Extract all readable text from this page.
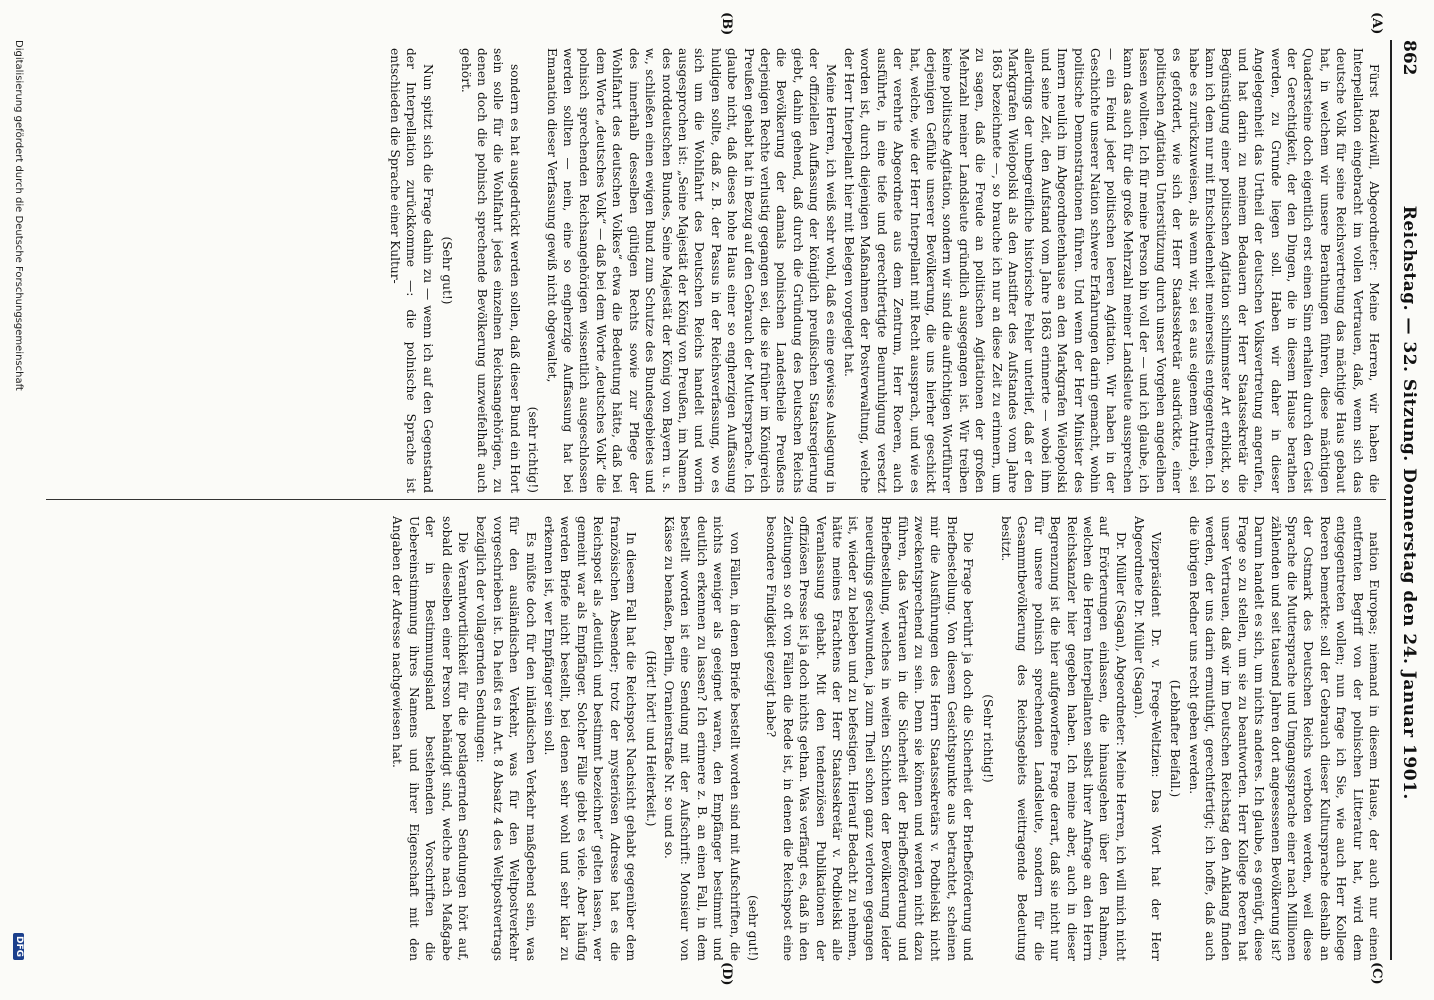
862
Reichstag. — 32. Sitzung. Donnerstag den 24. Januar 1901.
(A)
(C)
(B)
(D)

Fürst Radziwill, Abgeordneter: Meine Herren, wir haben die Interpellation eingebracht im vollen Vertrauen, daß, wenn sich das deutsche Volk für seine Reichsvertretung das mächtige Haus gebaut hat, in welchem wir unsere Berathungen führen, diese mächtigen Quadersteine doch eigentlich erst einen Sinn erhalten durch den Geist der Gerechtigkeit, der den Dingen, die in diesem Hause berathen werden, zu Grunde liegen soll. Haben wir daher in dieser Angelegenheit das Urtheil der deutschen Volksvertretung angerufen, und hat darin zu meinem Bedauern der Herr Staatssekretär die Begünstigung einer politischen Agitation schlimmster Art erblickt, so kann ich dem nur mit Entschiedenheit meinerseits entgegentreten. Ich habe es zurückzuweisen, als wenn wir, sei es aus eigenem Antrieb, sei es gefordert, wie sich der Herr Staatssekretär ausdrückte, einer politischen Agitation Unterstützung durch unser Vorgehen angedeihen lassen wollten. Ich für meine Person bin voll der — und ich glaube, ich kann das auch für die große Mehrzahl meiner Landsleute aussprechen — ein Feind jeder politischen leeren Agitation. Wir haben in der Geschichte unserer Nation schwere Erfahrungen darin gemacht, wohin politische Demonstrationen führen. Und wenn der Herr Minister des Innern neulich im Abgeordnetenhause an den Markgrafen Wielopolski und seine Zeit, den Aufstand vom Jahre 1863 erinnerte — wobei ihm allerdings der unbegreifliche historische Fehler unterlief, daß er den Markgrafen Wielopolski als den Anstifter des Aufstandes vom Jahre 1863 bezeichnete —, so brauche ich nur an diese Zeit zu erinnern, um zu sagen, daß die Freude an politischen Agitationen der großen Mehrzahl meiner Landsleute gründlich ausgegangen ist. Wir treiben keine politische Agitation, sondern wir sind die aufrichtigen Wortführer derjenigen Gefühle unserer Bevölkerung, die uns hierher geschickt hat, welche, wie der Herr Interpellant mit Recht aussprach, und wie es der verehrte Abgeordnete aus dem Zentrum, Herr Roeren, auch ausführte, in eine tiefe und gerechtfertigte Beunruhigung versetzt worden ist, durch diejenigen Maßnahmen der Postverwaltung, welche der Herr Interpellant hier mit Belegen vorgelegt hat.

Meine Herren, ich weiß sehr wohl, daß es eine gewisse Auslegung in der offiziellen Auffassung der königlich preußischen Staatsregierung giebt, dahin gehend, daß durch die Gründung des Deutschen Reichs die Bevölkerung der damals polnischen Landestheile Preußens derjenigen Rechte verlustig gegangen sei, die sie früher im Königreich Preußen gehabt hat in Bezug auf den Gebrauch der Muttersprache. Ich glaube nicht, daß dieses hohe Haus einer so engherzigen Auffassung huldigen sollte, daß z. B. der Passus in der Reichsverfassung, wo es sich um die Wohlfahrt des Deutschen Reichs handelt und worin ausgesprochen ist: „Seine Majestät der König von Preußen, im Namen des norddeutschen Bundes, Seine Majestät der König von Bayern u. s. w., schließen einen ewigen Bund zum Schutze des Bundesgebietes und des innerhalb desselben gültigen Rechts sowie zur Pflege der Wohlfahrt des deutschen Volkes“ etwa die Bedeutung hätte, daß bei dem Worte „deutsches Volk“ — daß bei dem Worte „deutsches Volk“ die polnisch sprechenden Reichsangehörigen wissentlich ausgeschlossen werden sollten — nein, eine so engherzige Auffassung hat bei Emanation dieser Verfassung gewiß nicht obgewaltet,

(sehr richtig!)

sondern es hat ausgedrückt werden sollen, daß dieser Bund ein Hort sein solle für die Wohlfahrt jedes einzelnen Reichsangehörigen, zu denen doch die polnisch sprechende Bevölkerung unzweifelhaft auch gehört.

(Sehr gut!)

Nun spitzt sich die Frage dahin zu — wenn ich auf den Gegenstand der Interpellation zurückkomme —: die polnische Sprache ist entschieden die Sprache einer Kultur-

nation Europas; niemand in diesem Hause, der auch nur einen entfernten Begriff von der polnischen Litteratur hat, wird dem entgegentreten wollen; nun frage ich Sie, wie auch Herr Kollege Roeren bemerkte: soll der Gebrauch dieser Kultursprache deshalb an der Ostmark des Deutschen Reichs verboten werden, weil diese Sprache die Muttersprache und Umgangssprache einer nach Millionen zählenden und seit tausend Jahren dort angesessenen Bevölkerung ist? Darum handelt es sich, um nichts anderes. Ich glaube, es genügt, diese Frage so zu stellen, um sie zu beantworten. Herr Kollege Roeren hat unser Vertrauen, daß wir im Deutschen Reichstag den Anklang finden werden, der uns darin ermuthigt, gerechtfertigt; ich hoffe, daß auch die übrigen Redner uns recht geben werden.

(Lebhafter Beifall.)

Vizepräsident Dr. v. Frege-Weltzien: Das Wort hat der Herr Abgeordnete Dr. Müller (Sagan).

Dr. Müller (Sagan), Abgeordneter: Meine Herren, ich will mich nicht auf Erörterungen einlassen, die hinausgehen über den Rahmen, welchen die Herren Interpellanten selbst ihrer Anfrage an den Herrn Reichskanzler hier gegeben haben. Ich meine aber, auch in dieser Begrenzung ist die hier aufgeworfene Frage derart, daß sie nicht nur für unsere polnisch sprechenden Landsleute, sondern für die Gesammtbevölkerung des Reichsgebiets weittragende Bedeutung besitzt.

(Sehr richtig!)

Die Frage berührt ja doch die Sicherheit der Briefbeförderung und Briefbestellung. Von diesem Gesichtspunkte aus betrachtet, scheinen mir die Ausführungen des Herrn Staatssekretärs v. Podbielski nicht zweckentsprechend zu sein. Denn sie können und werden nicht dazu führen, das Vertrauen in die Sicherheit der Briefbeförderung und Briefbestellung, welches in weiten Schichten der Bevölkerung leider neuerdings geschwunden, ja zum Theil schon ganz verloren gegangen ist, wieder zu beleben und zu befestigen. Hierauf Bedacht zu nehmen, hätte meines Erachtens der Herr Staatssekretär v. Podbielski alle Veranlassung gehabt. Mit den tendenziösen Publikationen der offiziösen Presse ist ja doch nichts gethan. Was verfängt es, daß in den Zeitungen so oft von Fällen die Rede ist, in denen die Reichspost eine besondere Findigkeit gezeigt habe?

(sehr gut!)

von Fällen, in denen Briefe bestellt worden sind mit Aufschriften, die nichts weniger als geeignet waren, den Empfänger bestimmt und deutlich erkennen zu lassen? Ich erinnere z. B. an einen Fall, in dem bestellt worden ist eine Sendung mit der Aufschrift: Monsieur von Kässe zu benaßen, Berlin, Oranienstraße Nr. so und so.

(Hört! hört! und Heiterkeit.)

In diesem Fall hat die Reichspost Nachsicht gehabt gegenüber dem französischen Absender; trotz der mysteriösen Adresse hat es die Reichspost als „deutlich und bestimmt bezeichnet“ gelten lassen, wer gemeint war als Empfänger. Solcher Fälle giebt es viele. Aber häufig werden Briefe nicht bestellt, bei denen sehr wohl und sehr klar zu erkennen ist, wer Empfänger sein soll.

Es müßte doch für den inländischen Verkehr maßgebend sein, was für den ausländischen Verkehr, was für den Weltpostverkehr vorgeschrieben ist. Da heißt es in Art. 8 Absatz 4 des Weltpostvertrags bezüglich der vollagernden Sendungen:

Die Verantwortlichkeit für die postlagernden Sendungen hört auf, sobald dieselben einer Person behändigt sind, welche nach Maßgabe der in Bestimmungsland bestehenden Vorschriften die Uebereinstimmung ihres Namens und ihrer Eigenschaft mit den Angaben der Adresse nachgewiesen hat.

Digitalisierung gefördert durch die Deutsche Forschungsgemeinschaft
DFG
